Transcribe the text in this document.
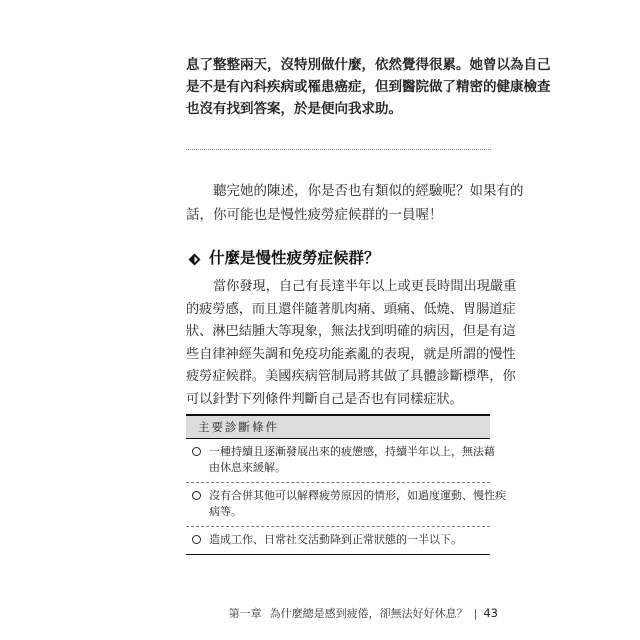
息了整整兩天，沒特別做什麼，依然覺得很累。她曾以為自己
是不是有內科疾病或罹患癌症，但到醫院做了精密的健康檢查
也沒有找到答案，於是便向我求助。
聽完她的陳述，你是否也有類似的經驗呢？如果有的
話，你可能也是慢性疲勞症候群的一員喔！
什麼是慢性疲勞症候群？
當你發現，自己有長達半年以上或更長時間出現嚴重
的疲勞感，而且還伴隨著肌肉痛、頭痛、低燒、胃腸道症
狀、淋巴結腫大等現象，無法找到明確的病因，但是有這
些自律神經失調和免疫功能紊亂的表現，就是所謂的慢性
疲勞症候群。美國疾病管制局將其做了具體診斷標準，你
可以針對下列條件判斷自己是否也有同樣症狀。
主要診斷條件
一種持續且逐漸發展出來的疲憊感，持續半年以上，無法藉
由休息來緩解。
沒有合併其他可以解釋疲勞原因的情形，如過度運動、慢性疾
病等。
造成工作、日常社交活動降到正常狀態的一半以下。
第一章 為什麼總是感到疲倦，卻無法好好休息？ | 43
